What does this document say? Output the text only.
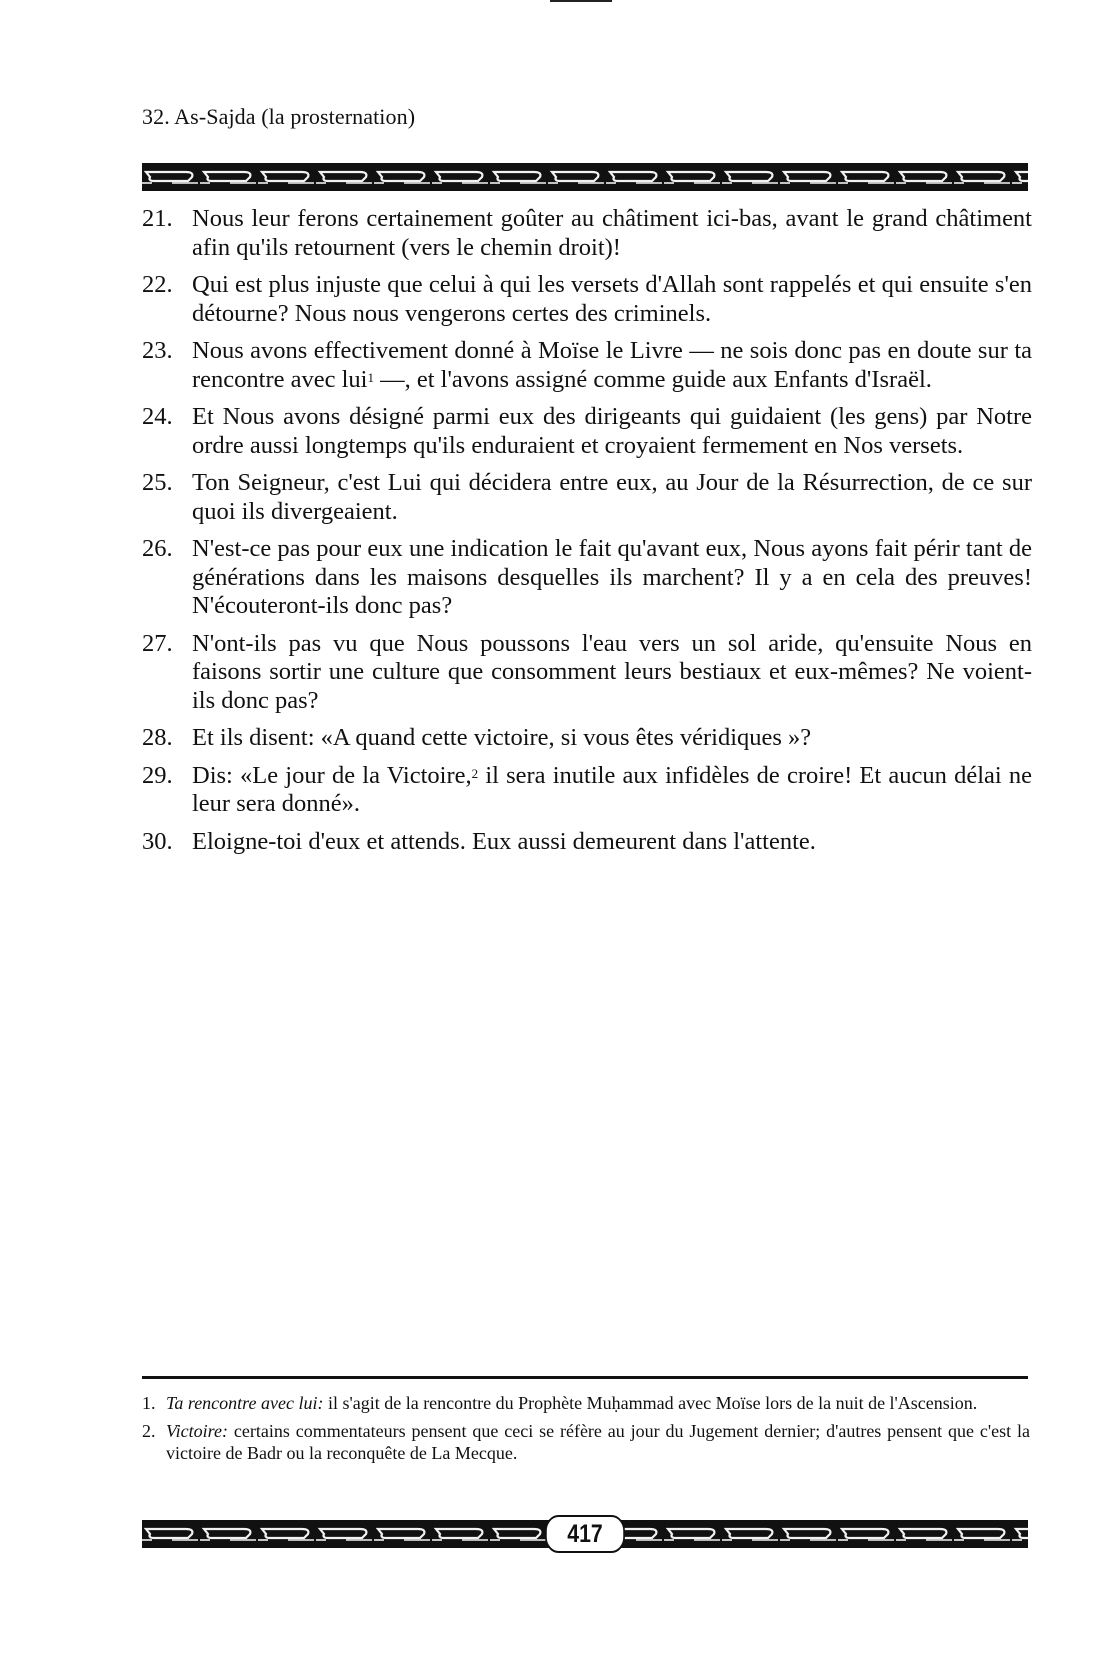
32. As-Sajda (la prosternation)
21. Nous leur ferons certainement goûter au châtiment ici-bas, avant le grand châtiment afin qu'ils retournent (vers le chemin droit)!
22. Qui est plus injuste que celui à qui les versets d'Allah sont rappelés et qui ensuite s'en détourne? Nous nous vengerons certes des criminels.
23. Nous avons effectivement donné à Moïse le Livre — ne sois donc pas en doute sur ta rencontre avec lui$^1$ —, et l'avons assigné comme guide aux Enfants d'Israël.
24. Et Nous avons désigné parmi eux des dirigeants qui guidaient (les gens) par Notre ordre aussi longtemps qu'ils enduraient et croyaient fermement en Nos versets.
25. Ton Seigneur, c'est Lui qui décidera entre eux, au Jour de la Résurrection, de ce sur quoi ils divergeaient.
26. N'est-ce pas pour eux une indication le fait qu'avant eux, Nous ayons fait périr tant de générations dans les maisons desquelles ils marchent? Il y a en cela des preuves! N'écouteront-ils donc pas?
27. N'ont-ils pas vu que Nous poussons l'eau vers un sol aride, qu'ensuite Nous en faisons sortir une culture que consomment leurs bestiaux et eux-mêmes? Ne voient-ils donc pas?
28. Et ils disent: «A quand cette victoire, si vous êtes véridiques »?
29. Dis: «Le jour de la Victoire,$^2$ il sera inutile aux infidèles de croire! Et aucun délai ne leur sera donné».
30. Eloigne-toi d'eux et attends. Eux aussi demeurent dans l'attente.
1. Ta rencontre avec lui: il s'agit de la rencontre du Prophète Muḥammad avec Moïse lors de la nuit de l'Ascension.
2. Victoire: certains commentateurs pensent que ceci se réfère au jour du Jugement dernier; d'autres pensent que c'est la victoire de Badr ou la reconquête de La Mecque.
417
